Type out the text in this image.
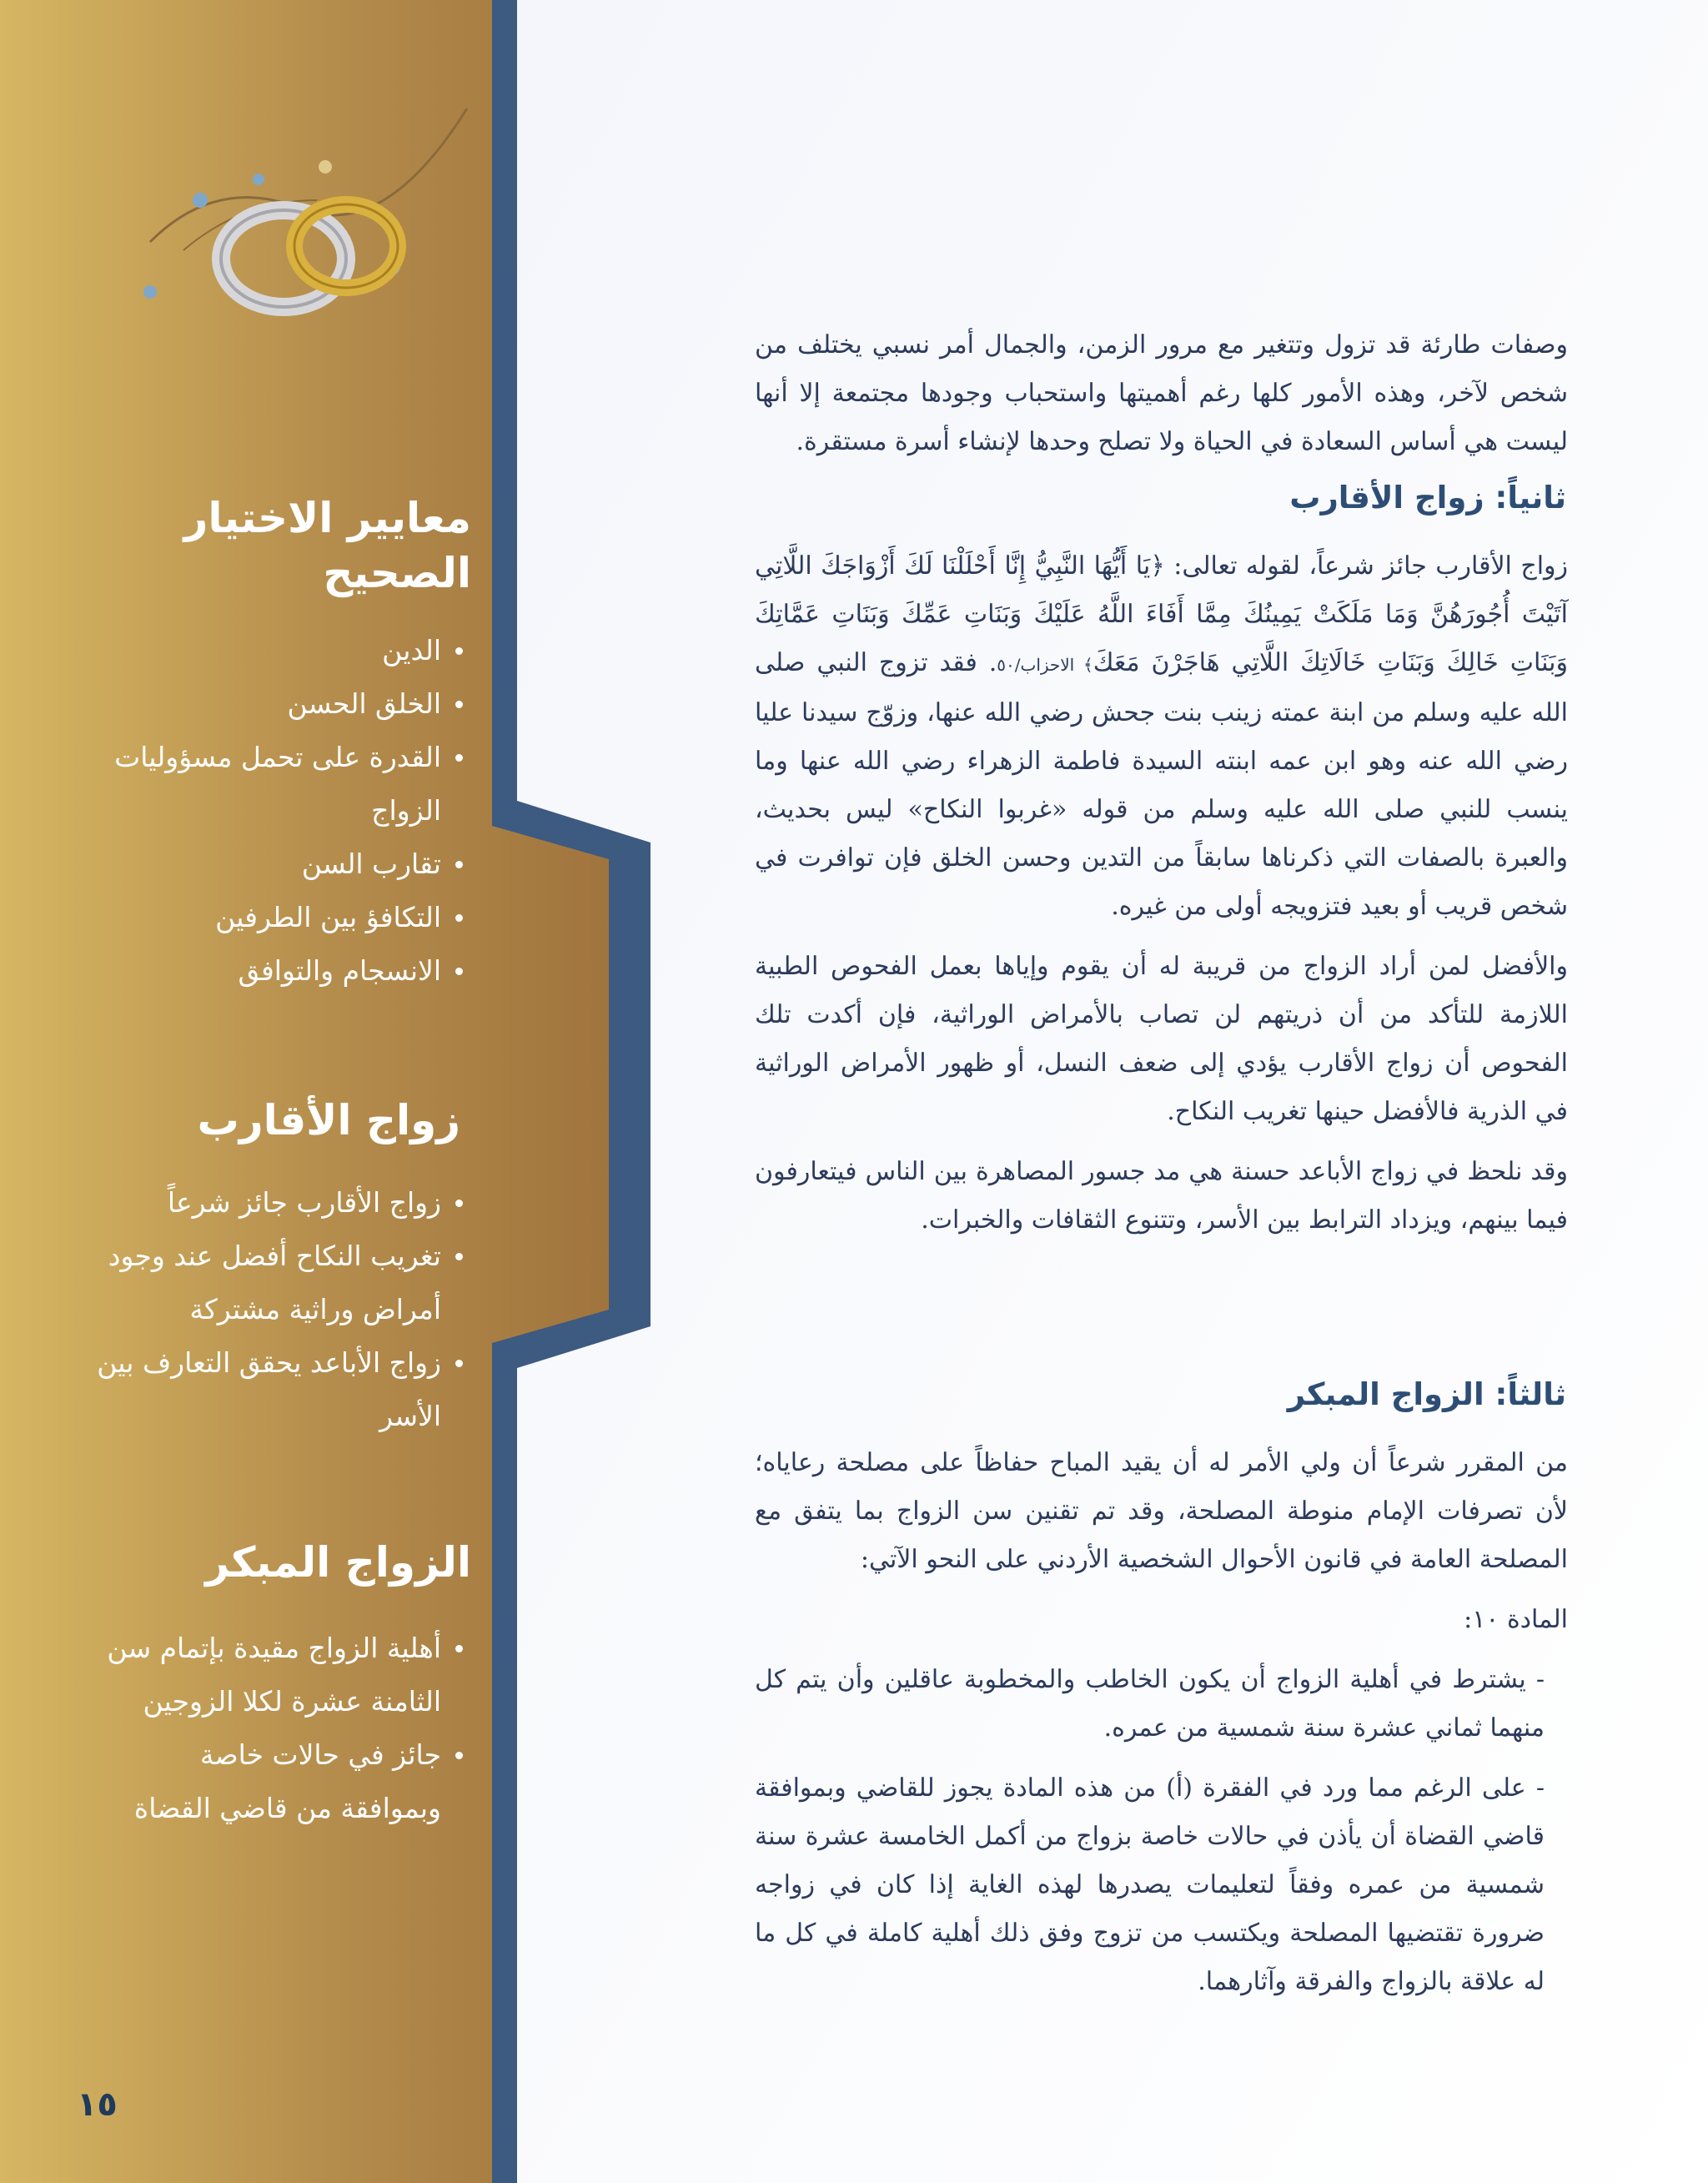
معايير الاختيار
الصحيح
الدين
الخلق الحسن
القدرة على تحمل مسؤوليات
الزواج
تقارب السن
التكافؤ بين الطرفين
الانسجام والتوافق
زواج الأقارب
زواج الأقارب جائز شرعاً
تغريب النكاح أفضل عند وجود
أمراض وراثية مشتركة
زواج الأباعد يحقق التعارف بين
الأسر
الزواج المبكر
أهلية الزواج مقيدة بإتمام سن
الثامنة عشرة لكلا الزوجين
جائز في حالات خاصة
وبموافقة من قاضي القضاة
١٥

وصفات طارئة قد تزول وتتغير مع مرور الزمن، والجمال أمر نسبي يختلف من شخص لآخر، وهذه الأمور كلها رغم أهميتها واستحباب وجودها مجتمعة إلا أنها ليست هي أساس السعادة في الحياة ولا تصلح وحدها لإنشاء أسرة مستقرة.

ثانياً: زواج الأقارب

زواج الأقارب جائز شرعاً، لقوله تعالى: ﴿يَا أَيُّهَا النَّبِيُّ إِنَّا أَحْلَلْنَا لَكَ أَزْوَاجَكَ اللَّاتِي آتَيْتَ أُجُورَهُنَّ وَمَا مَلَكَتْ يَمِينُكَ مِمَّا أَفَاءَ اللَّهُ عَلَيْكَ وَبَنَاتِ عَمِّكَ وَبَنَاتِ عَمَّاتِكَ وَبَنَاتِ خَالِكَ وَبَنَاتِ خَالَاتِكَ اللَّاتِي هَاجَرْنَ مَعَكَ﴾ الاحزاب/٥٠. فقد تزوج النبي صلى الله عليه وسلم من ابنة عمته زينب بنت جحش رضي الله عنها، وزوّج سيدنا عليا رضي الله عنه وهو ابن عمه ابنته السيدة فاطمة الزهراء رضي الله عنها وما ينسب للنبي صلى الله عليه وسلم من قوله «غربوا النكاح» ليس بحديث، والعبرة بالصفات التي ذكرناها سابقاً من التدين وحسن الخلق فإن توافرت في شخص قريب أو بعيد فتزويجه أولى من غيره.

والأفضل لمن أراد الزواج من قريبة له أن يقوم وإياها بعمل الفحوص الطبية اللازمة للتأكد من أن ذريتهم لن تصاب بالأمراض الوراثية، فإن أكدت تلك الفحوص أن زواج الأقارب يؤدي إلى ضعف النسل، أو ظهور الأمراض الوراثية في الذرية فالأفضل حينها تغريب النكاح.

وقد نلحظ في زواج الأباعد حسنة هي مد جسور المصاهرة بين الناس فيتعارفون فيما بينهم، ويزداد الترابط بين الأسر، وتتنوع الثقافات والخبرات.

ثالثاً: الزواج المبكر

من المقرر شرعاً أن ولي الأمر له أن يقيد المباح حفاظاً على مصلحة رعاياه؛ لأن تصرفات الإمام منوطة المصلحة، وقد تم تقنين سن الزواج بما يتفق مع المصلحة العامة في قانون الأحوال الشخصية الأردني على النحو الآتي:

المادة ١٠:

- يشترط في أهلية الزواج أن يكون الخاطب والمخطوبة عاقلين وأن يتم كل منهما ثماني عشرة سنة شمسية من عمره.

- على الرغم مما ورد في الفقرة (أ) من هذه المادة يجوز للقاضي وبموافقة قاضي القضاة أن يأذن في حالات خاصة بزواج من أكمل الخامسة عشرة سنة شمسية من عمره وفقاً لتعليمات يصدرها لهذه الغاية إذا كان في زواجه ضرورة تقتضيها المصلحة ويكتسب من تزوج وفق ذلك أهلية كاملة في كل ما له علاقة بالزواج والفرقة وآثارهما.
